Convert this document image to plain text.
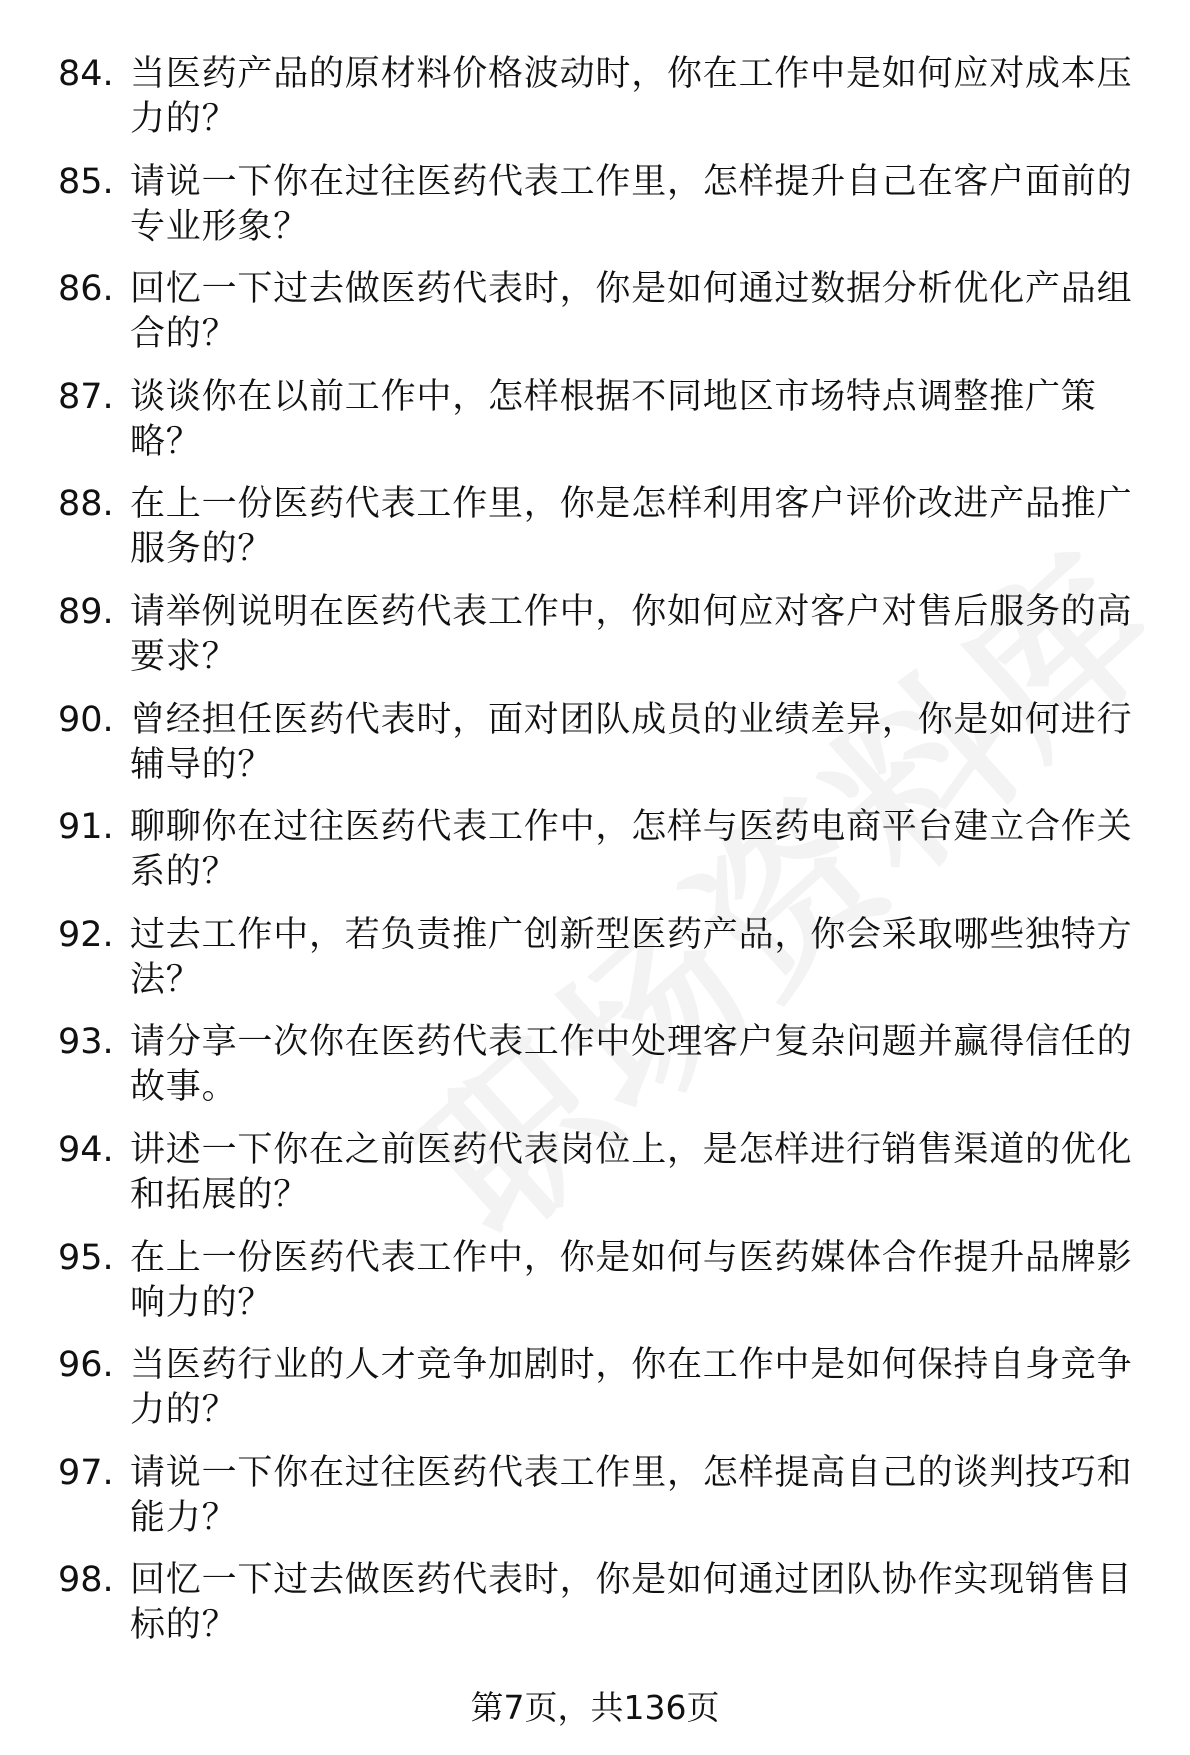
84. 当医药产品的原材料价格波动时，你在工作中是如何应对成本压力的？
85. 请说一下你在过往医药代表工作里，怎样提升自己在客户面前的专业形象？
86. 回忆一下过去做医药代表时，你是如何通过数据分析优化产品组合的？
87. 谈谈你在以前工作中，怎样根据不同地区市场特点调整推广策略？
88. 在上一份医药代表工作里，你是怎样利用客户评价改进产品推广服务的？
89. 请举例说明在医药代表工作中，你如何应对客户对售后服务的高要求？
90. 曾经担任医药代表时，面对团队成员的业绩差异，你是如何进行辅导的？
91. 聊聊你在过往医药代表工作中，怎样与医药电商平台建立合作关系的？
92. 过去工作中，若负责推广创新型医药产品，你会采取哪些独特方法？
93. 请分享一次你在医药代表工作中处理客户复杂问题并赢得信任的故事。
94. 讲述一下你在之前医药代表岗位上，是怎样进行销售渠道的优化和拓展的？
95. 在上一份医药代表工作中，你是如何与医药媒体合作提升品牌影响力的？
96. 当医药行业的人才竞争加剧时，你在工作中是如何保持自身竞争力的？
97. 请说一下你在过往医药代表工作里，怎样提高自己的谈判技巧和能力？
98. 回忆一下过去做医药代表时，你是如何通过团队协作实现销售目标的？
第7页，共136页
